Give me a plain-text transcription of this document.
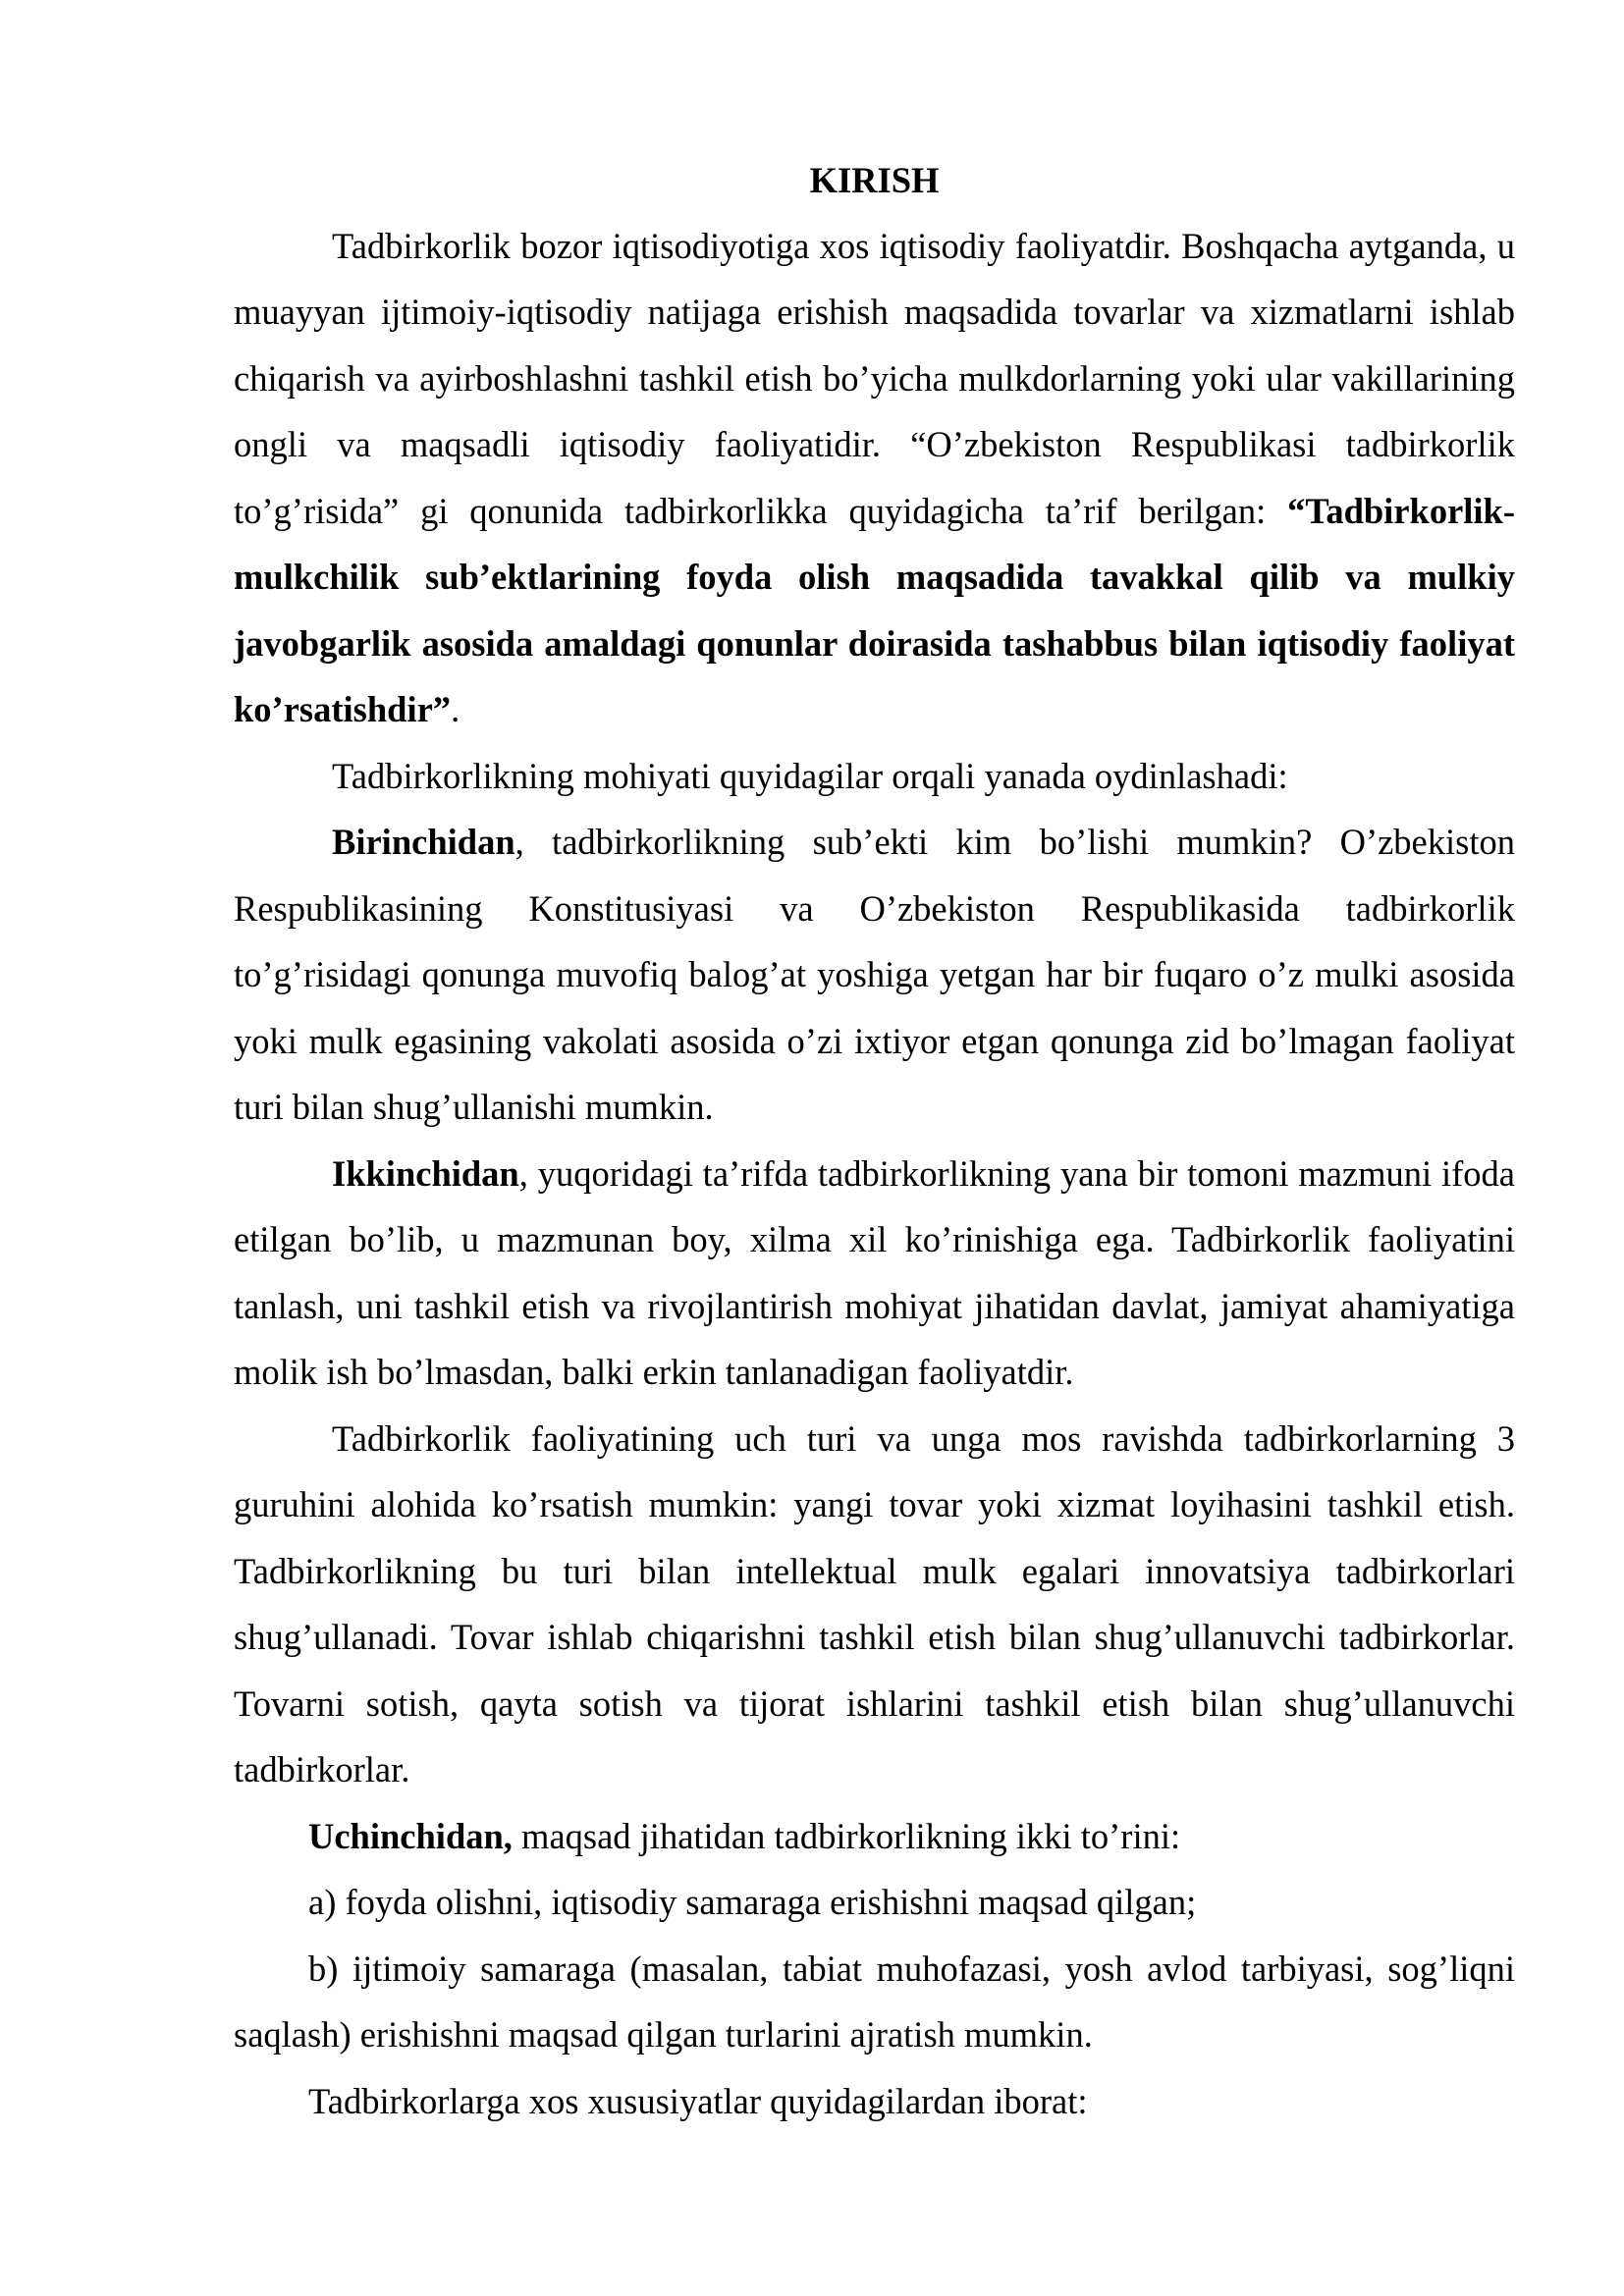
KIRISH

Tadbirkorlik bozor iqtisodiyotiga xos iqtisodiy faoliyatdir. Boshqacha aytganda, u muayyan ijtimoiy-iqtisodiy natijaga erishish maqsadida tovarlar va xizmatlarni ishlab chiqarish va ayirboshlashni tashkil etish bo’yicha mulkdorlarning yoki ular vakillarining ongli va maqsadli iqtisodiy faoliyatidir. “O’zbekiston Respublikasi tadbirkorlik to’g’risida” gi qonunida tadbirkorlikka quyidagicha ta’rif berilgan: “Tadbirkorlik-mulkchilik sub’ektlarining foyda olish maqsadida tavakkal qilib va mulkiy javobgarlik asosida amaldagi qonunlar doirasida tashabbus bilan iqtisodiy faoliyat ko’rsatishdir”.

Tadbirkorlikning mohiyati quyidagilar orqali yanada oydinlashadi:

Birinchidan, tadbirkorlikning sub’ekti kim bo’lishi mumkin? O’zbekiston Respublikasining Konstitusiyasi va O’zbekiston Respublikasida tadbirkorlik to’g’risidagi qonunga muvofiq balog’at yoshiga yetgan har bir fuqaro o’z mulki asosida yoki mulk egasining vakolati asosida o’zi ixtiyor etgan qonunga zid bo’lmagan faoliyat turi bilan shug’ullanishi mumkin.

Ikkinchidan, yuqoridagi ta’rifda tadbirkorlikning yana bir tomoni mazmuni ifoda etilgan bo’lib, u mazmunan boy, xilma xil ko’rinishiga ega. Tadbirkorlik faoliyatini tanlash, uni tashkil etish va rivojlantirish mohiyat jihatidan davlat, jamiyat ahamiyatiga molik ish bo’lmasdan, balki erkin tanlanadigan faoliyatdir.

Tadbirkorlik faoliyatining uch turi va unga mos ravishda tadbirkorlarning 3 guruhini alohida ko’rsatish mumkin: yangi tovar yoki xizmat loyihasini tashkil etish. Tadbirkorlikning bu turi bilan intellektual mulk egalari innovatsiya tadbirkorlari shug’ullanadi. Tovar ishlab chiqarishni tashkil etish bilan shug’ullanuvchi tadbirkorlar. Tovarni sotish, qayta sotish va tijorat ishlarini tashkil etish bilan shug’ullanuvchi tadbirkorlar.

Uchinchidan, maqsad jihatidan tadbirkorlikning ikki to’rini:

a) foyda olishni, iqtisodiy samaraga erishishni maqsad qilgan;

b) ijtimoiy samaraga (masalan, tabiat muhofazasi, yosh avlod tarbiyasi, sog’liqni saqlash) erishishni maqsad qilgan turlarini ajratish mumkin.

Tadbirkorlarga xos xususiyatlar quyidagilardan iborat:
